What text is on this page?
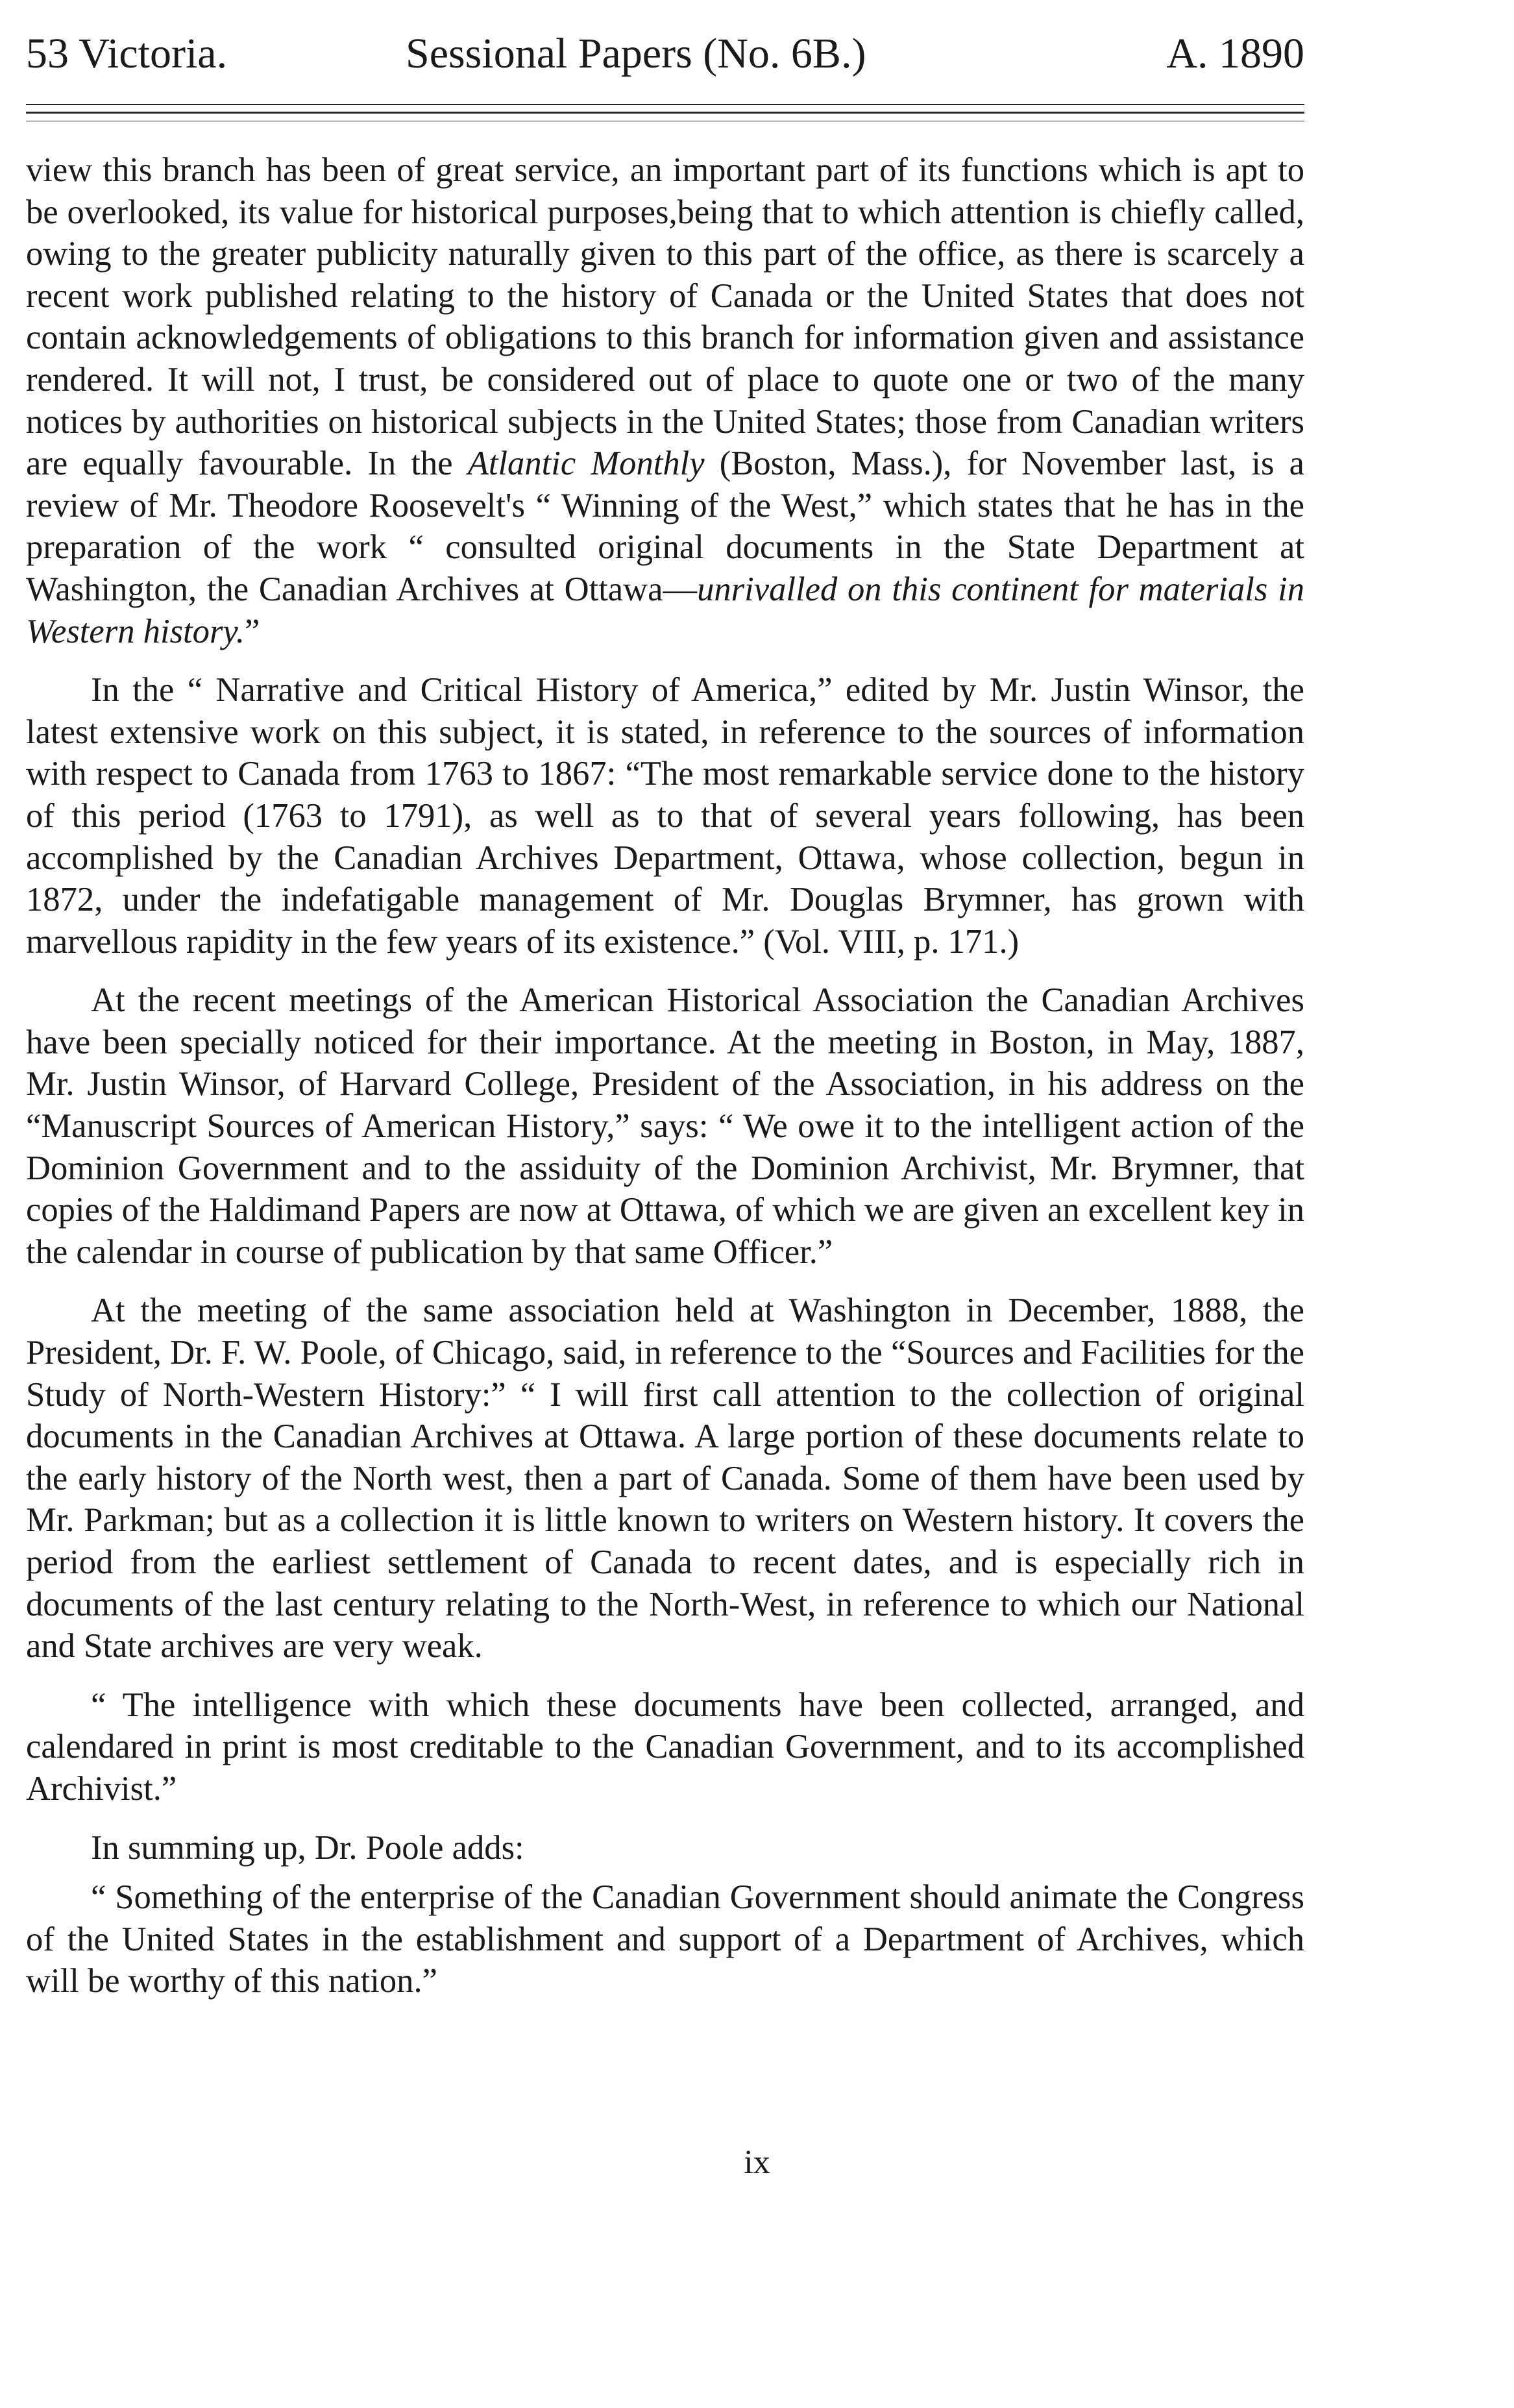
53 Victoria.	Sessional Papers (No. 6B.)	A. 1890

view this branch has been of great service, an important part of its functions which is apt to be overlooked, its value for historical purposes,being that to which attention is chiefly called, owing to the greater publicity naturally given to this part of the office, as there is scarcely a recent work published relating to the history of Canada or the United States that does not contain acknowledgements of obligations to this branch for information given and assistance rendered. It will not, I trust, be considered out of place to quote one or two of the many notices by authorities on historical subjects in the United States; those from Canadian writers are equally favourable. In the Atlantic Monthly (Boston, Mass.), for November last, is a review of Mr. Theodore Roosevelt's “ Winning of the West,” which states that he has in the preparation of the work “ consulted original documents in the State Department at Washington, the Canadian Archives at Ottawa—unrivalled on this continent for materials in Western history.”

In the “ Narrative and Critical History of America,” edited by Mr. Justin Winsor, the latest extensive work on this subject, it is stated, in reference to the sources of information with respect to Canada from 1763 to 1867: “The most remarkable service done to the history of this period (1763 to 1791), as well as to that of several years following, has been accomplished by the Canadian Archives Department, Ottawa, whose collection, begun in 1872, under the indefatigable management of Mr. Douglas Brymner, has grown with marvellous rapidity in the few years of its existence.” (Vol. VIII, p. 171.)

At the recent meetings of the American Historical Association the Canadian Archives have been specially noticed for their importance. At the meeting in Boston, in May, 1887, Mr. Justin Winsor, of Harvard College, President of the Association, in his address on the “Manuscript Sources of American History,” says: “ We owe it to the intelligent action of the Dominion Government and to the assiduity of the Dominion Archivist, Mr. Brymner, that copies of the Haldimand Papers are now at Ottawa, of which we are given an excellent key in the calendar in course of publication by that same Officer.”

At the meeting of the same association held at Washington in December, 1888, the President, Dr. F. W. Poole, of Chicago, said, in reference to the “Sources and Facilities for the Study of North-Western History:” “ I will first call attention to the collection of original documents in the Canadian Archives at Ottawa. A large portion of these documents relate to the early history of the North west, then a part of Canada. Some of them have been used by Mr. Parkman; but as a collection it is little known to writers on Western history. It covers the period from the earliest settlement of Canada to recent dates, and is especially rich in documents of the last century relating to the North-West, in reference to which our National and State archives are very weak.

“ The intelligence with which these documents have been collected, arranged, and calendared in print is most creditable to the Canadian Government, and to its accomplished Archivist.”

In summing up, Dr. Poole adds:

“ Something of the enterprise of the Canadian Government should animate the Congress of the United States in the establishment and support of a Department of Archives, which will be worthy of this nation.”

ix
